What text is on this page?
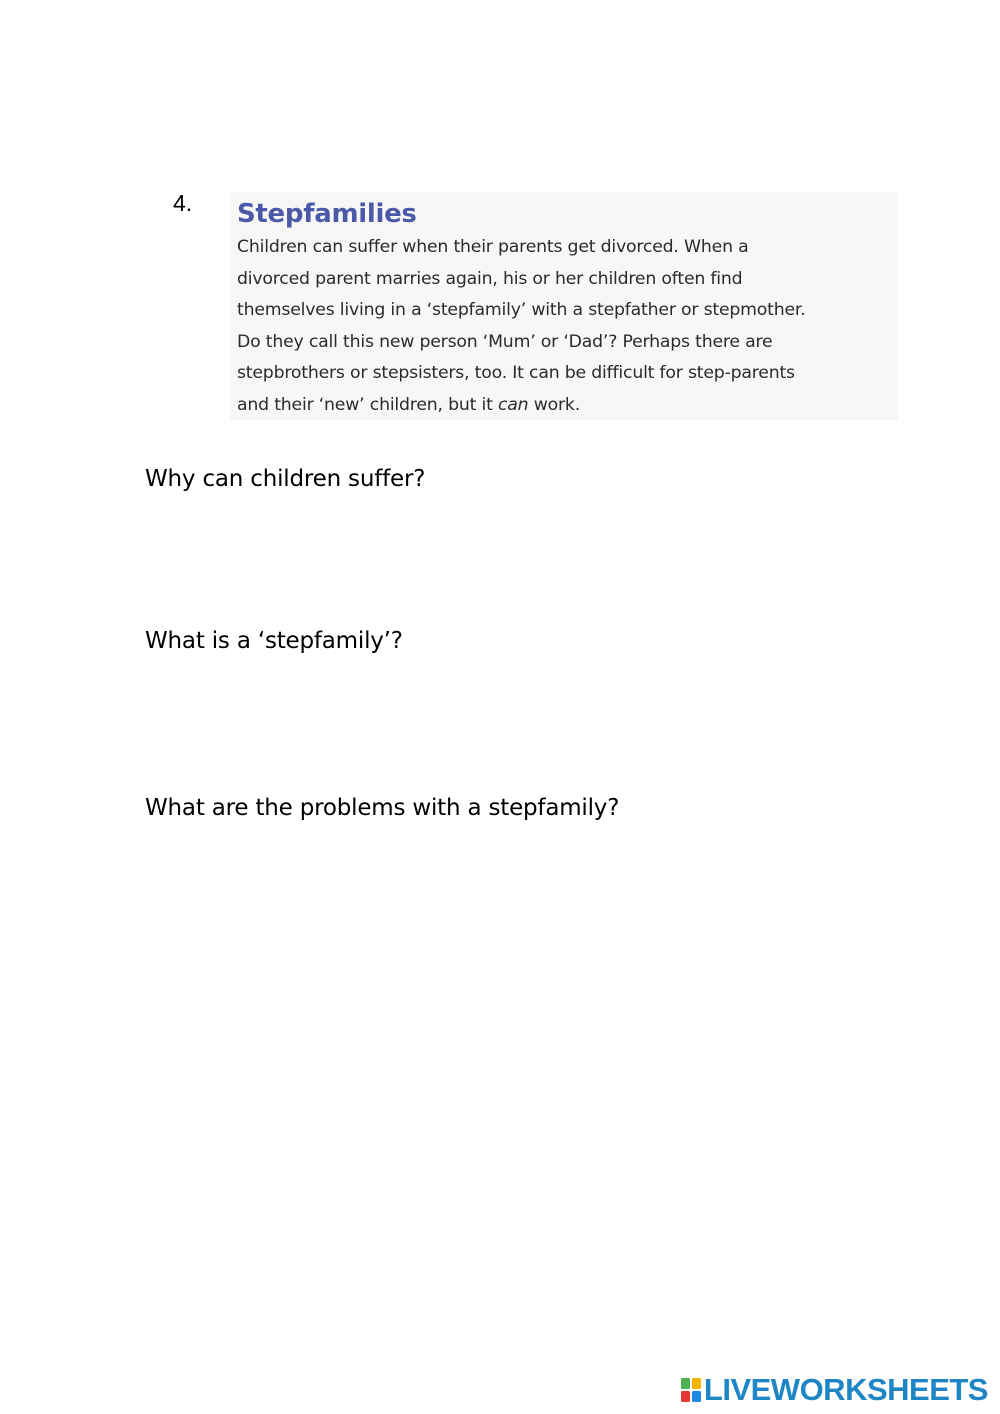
4. Stepfamilies
Children can suffer when their parents get divorced. When a
divorced parent marries again, his or her children often find
themselves living in a ‘stepfamily’ with a stepfather or stepmother.
Do they call this new person ‘Mum’ or ‘Dad’? Perhaps there are
stepbrothers or stepsisters, too. It can be difficult for step-parents
and their ‘new’ children, but it can work.
Why can children suffer?
What is a ‘stepfamily’?
What are the problems with a stepfamily?
LIVEWORKSHEETS
